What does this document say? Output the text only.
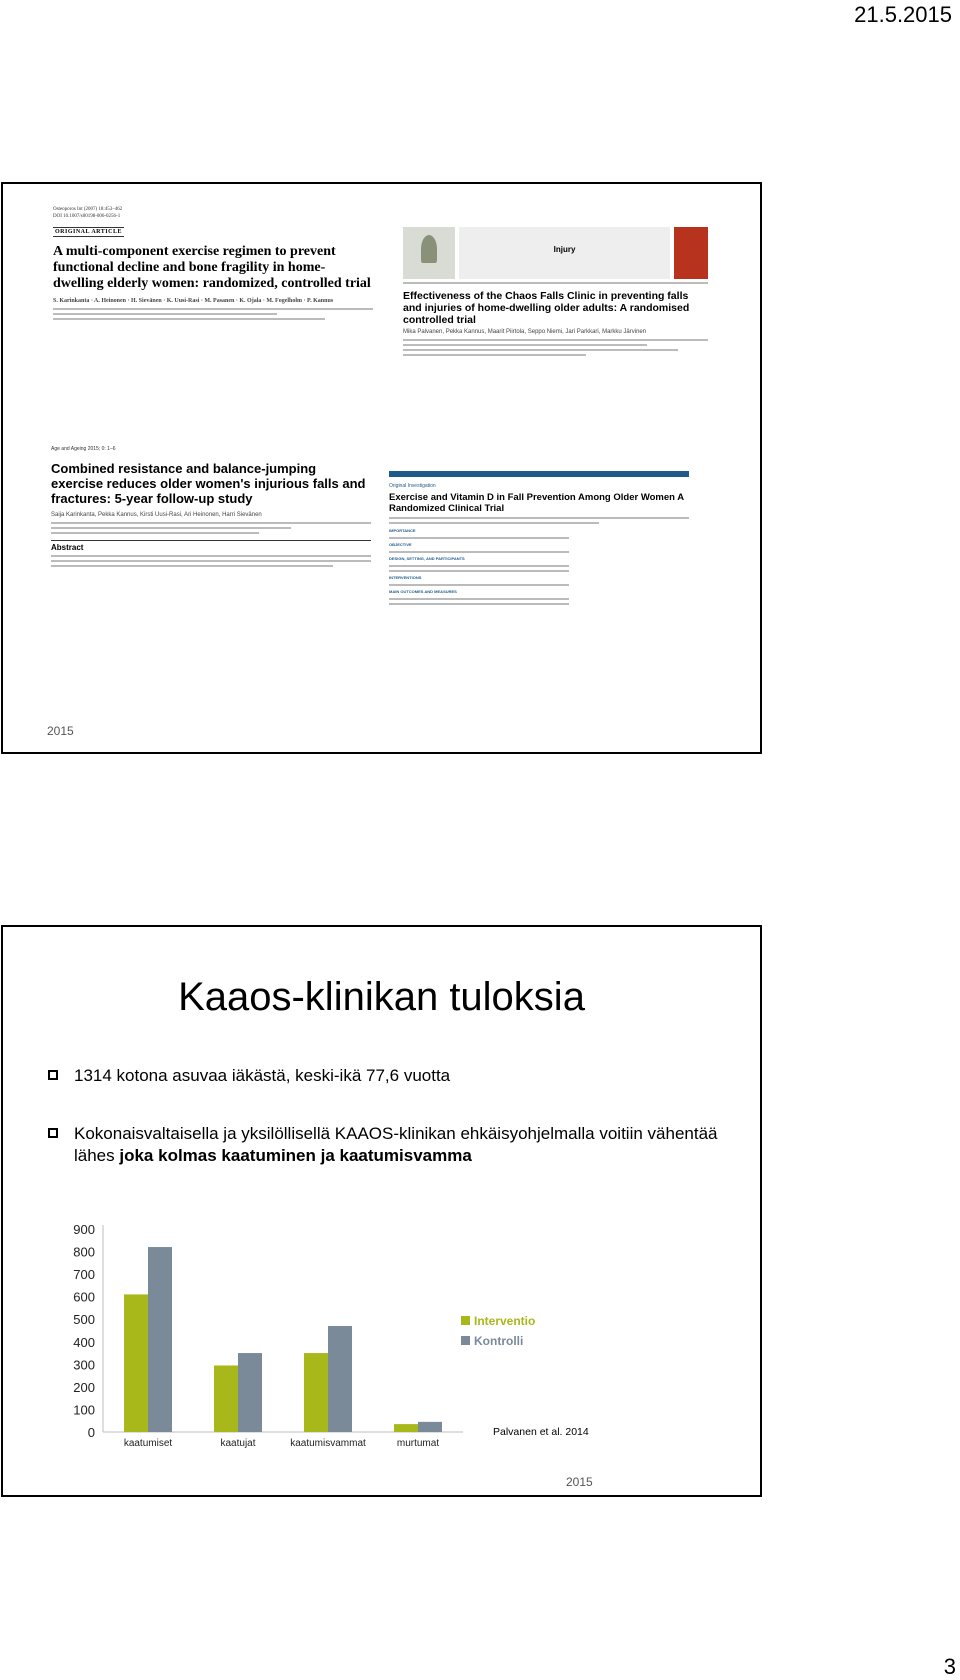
21.5.2015
Osteoporos Int (2007) 18:453–462
DOI 10.1007/s00198-006-0256-1
ORIGINAL ARTICLE
A multi-component exercise regimen to prevent functional decline and bone fragility in home-dwelling elderly women: randomized, controlled trial
S. Karinkanta · A. Heinonen · H. Sievänen · K. Uusi-Rasi · M. Pasanen · K. Ojala · M. Fogelholm · P. Kannus
Injury
Effectiveness of the Chaos Falls Clinic in preventing falls and injuries of home-dwelling older adults: A randomised controlled trial
Mika Palvanen, Pekka Kannus, Maarit Piirtola, Seppo Niemi, Jari Parkkari, Markku Järvinen
Age and Ageing 2015; 0: 1–6
Combined resistance and balance-jumping exercise reduces older women's injurious falls and fractures: 5-year follow-up study
Saija Karinkanta, Pekka Kannus, Kirsti Uusi-Rasi, Ari Heinonen, Harri Sievänen
Abstract
Original Investigation
Exercise and Vitamin D in Fall Prevention Among Older Women A Randomized Clinical Trial
IMPORTANCE
OBJECTIVE
DESIGN, SETTING, AND PARTICIPANTS
INTERVENTIONS
MAIN OUTCOMES AND MEASURES
2015
Kaaos-klinikan tuloksia
1314 kotona asuvaa iäkästä, keski-ikä 77,6 vuotta
Kokonaisvaltaisella ja yksilöllisellä KAAOS-klinikan ehkäisyohjelmalla voitiin vähentää lähes joka kolmas kaatuminen ja kaatumisvamma
0
100
200
300
400
500
600
700
800
900
kaatumiset	kaatujat	kaatumisvammat	murtumat
Interventio
Kontrolli
Palvanen et al. 2014
2015
3
